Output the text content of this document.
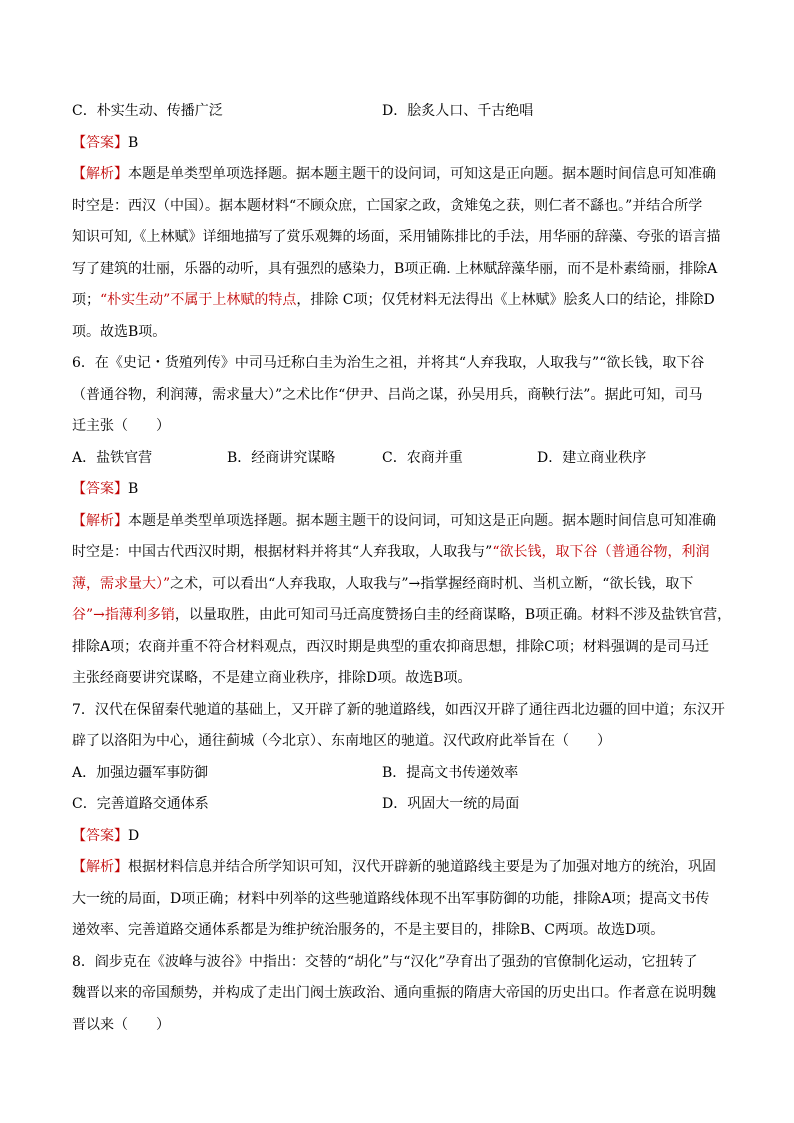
C．朴实生动、传播广泛	D．脍炙人口、千古绝唱
【答案】B
【解析】本题是单类型单项选择题。据本题主题干的设问词，可知这是正向题。据本题时间信息可知准确
时空是：西汉（中国）。据本题材料“不顾众庶，亡国家之政，贪雉兔之获，则仁者不繇也。”并结合所学
知识可知,《上林赋》详细地描写了赏乐观舞的场面，采用铺陈排比的手法，用华丽的辞藻、夸张的语言描
写了建筑的壮丽，乐器的动听，具有强烈的感染力，B项正确. 上林赋辞藻华丽，而不是朴素绮丽，排除A
项；“朴实生动”不属于上林赋的特点，排除 C项；仅凭材料无法得出《上林赋》脍炙人口的结论，排除D
项。故选B项。
6．在《史记・货殖列传》中司马迁称白圭为治生之祖，并将其“人弃我取，人取我与”“欲长钱，取下谷
（普通谷物，利润薄，需求量大）”之术比作“伊尹、吕尚之谋，孙吴用兵，商鞅行法”。据此可知，司马
迁主张（　　）
A．盐铁官营	B．经商讲究谋略	C．农商并重	D．建立商业秩序
【答案】B
【解析】本题是单类型单项选择题。据本题主题干的设问词，可知这是正向题。据本题时间信息可知准确
时空是：中国古代西汉时期，根据材料并将其“人弃我取，人取我与”“欲长钱，取下谷（普通谷物，利润
薄，需求量大）”之术，可以看出“人弃我取，人取我与”→指掌握经商时机、当机立断，“欲长钱，取下
谷”→指薄利多销，以量取胜，由此可知司马迁高度赞扬白圭的经商谋略，B项正确。材料不涉及盐铁官营，
排除A项；农商并重不符合材料观点，西汉时期是典型的重农抑商思想，排除C项；材料强调的是司马迁
主张经商要讲究谋略，不是建立商业秩序，排除D项。故选B项。
7．汉代在保留秦代驰道的基础上，又开辟了新的驰道路线，如西汉开辟了通往西北边疆的回中道；东汉开
辟了以洛阳为中心，通往蓟城（今北京）、东南地区的驰道。汉代政府此举旨在（　　）
A．加强边疆军事防御	B．提高文书传递效率
C．完善道路交通体系	D．巩固大一统的局面
【答案】D
【解析】根据材料信息并结合所学知识可知，汉代开辟新的驰道路线主要是为了加强对地方的统治，巩固
大一统的局面，D项正确；材料中列举的这些驰道路线体现不出军事防御的功能，排除A项；提高文书传
递效率、完善道路交通体系都是为维护统治服务的，不是主要目的，排除B、C两项。故选D项。
8．阎步克在《波峰与波谷》中指出：交替的“胡化”与“汉化”孕育出了强劲的官僚制化运动，它扭转了
魏晋以来的帝国颓势，并构成了走出门阀士族政治、通向重振的隋唐大帝国的历史出口。作者意在说明魏
晋以来（　　）
